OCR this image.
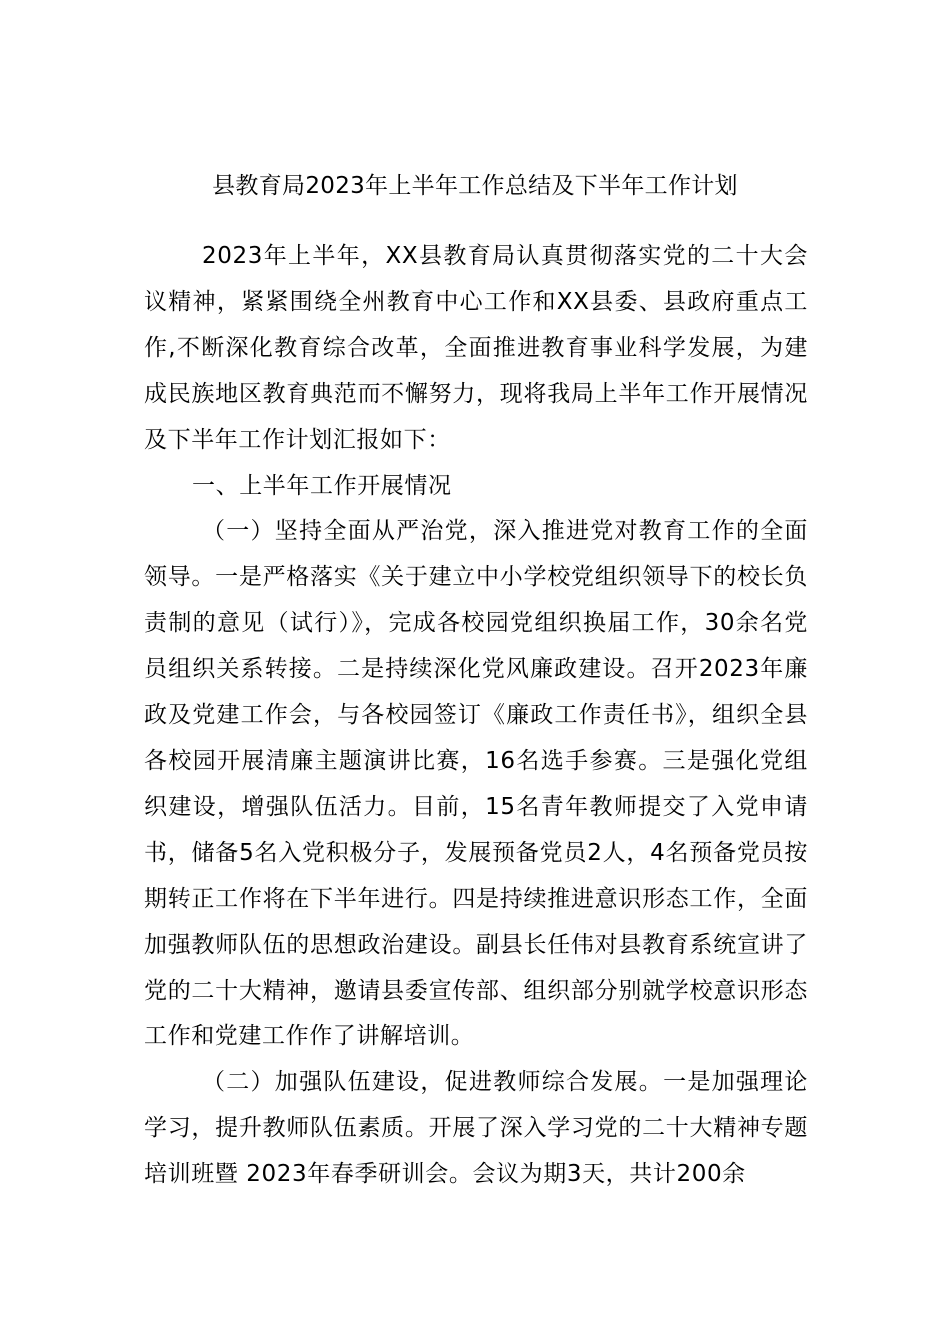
县教育局2023年上半年工作总结及下半年工作计划

2023年上半年，XX县教育局认真贯彻落实党的二十大会议精神，紧紧围绕全州教育中心工作和XX县委、县政府重点工作,不断深化教育综合改革，全面推进教育事业科学发展，为建成民族地区教育典范而不懈努力，现将我局上半年工作开展情况及下半年工作计划汇报如下：

一、上半年工作开展情况

（一）坚持全面从严治党，深入推进党对教育工作的全面领导。一是严格落实《关于建立中小学校党组织领导下的校长负责制的意见（试行）》，完成各校园党组织换届工作，30余名党员组织关系转接。二是持续深化党风廉政建设。召开2023年廉政及党建工作会，与各校园签订《廉政工作责任书》，组织全县各校园开展清廉主题演讲比赛，16名选手参赛。三是强化党组织建设，增强队伍活力。目前，15名青年教师提交了入党申请书，储备5名入党积极分子，发展预备党员2人，4名预备党员按期转正工作将在下半年进行。四是持续推进意识形态工作，全面加强教师队伍的思想政治建设。副县长任伟对县教育系统宣讲了党的二十大精神，邀请县委宣传部、组织部分别就学校意识形态工作和党建工作作了讲解培训。

（二）加强队伍建设，促进教师综合发展。一是加强理论学习，提升教师队伍素质。开展了深入学习党的二十大精神专题培训班暨 2023年春季研训会。会议为期3天，共计200余
